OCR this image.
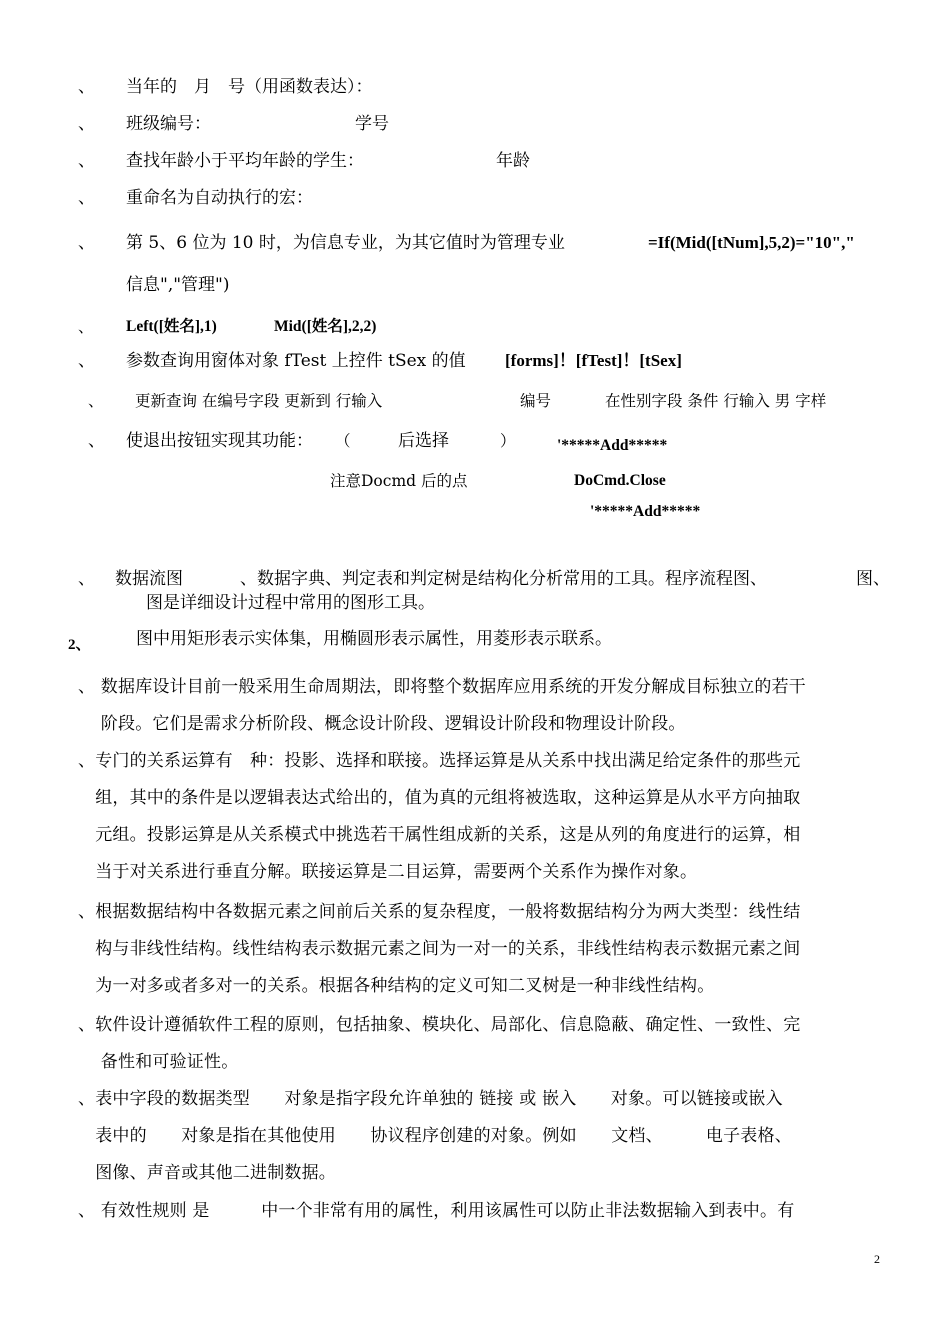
、 当年的　月　号（用函数表达）：
、 班级编号：	学号
、 查找年龄小于平均年龄的学生：	年龄
、 重命名为自动执行的宏：
、 第 5、6 位为 10 时，为信息专业，为其它值时为管理专业	=If(Mid([tNum],5,2)="10","
信息","管理")
、 Left([姓名],1)	Mid([姓名],2,2)
、 参数查询用窗体对象 fTest 上控件 tSex 的值 [forms]！[fTest]！[tSex]
、 更新查询 在编号字段 更新到 行输入	编号	在性别字段 条件 行输入 男 字样
、 使退出按钮实现其功能： （	后选择	）	'*****Add*****
注意Docmd 后的点	DoCmd.Close
'*****Add*****
、 数据流图	、数据字典、判定表和判定树是结构化分析常用的工具。程序流程图、	图、
图是详细设计过程中常用的图形工具。
2、	图中用矩形表示实体集，用椭圆形表示属性，用菱形表示联系。
、 数据库设计目前一般采用生命周期法，即将整个数据库应用系统的开发分解成目标独立的若干
　 阶段。它们是需求分析阶段、概念设计阶段、逻辑设计阶段和物理设计阶段。
、专门的关系运算有　种：投影、选择和联接。选择运算是从关系中找出满足给定条件的那些元
　组，其中的条件是以逻辑表达式给出的，值为真的元组将被选取，这种运算是从水平方向抽取
　元组。投影运算是从关系模式中挑选若干属性组成新的关系，这是从列的角度进行的运算，相
　当于对关系进行垂直分解。联接运算是二目运算，需要两个关系作为操作对象。
、根据数据结构中各数据元素之间前后关系的复杂程度，一般将数据结构分为两大类型：线性结
　构与非线性结构。线性结构表示数据元素之间为一对一的关系，非线性结构表示数据元素之间
　为一对多或者多对一的关系。根据各种结构的定义可知二叉树是一种非线性结构。
、软件设计遵循软件工程的原则，包括抽象、模块化、局部化、信息隐蔽、确定性、一致性、完
　 备性和可验证性。
、表中字段的数据类型　　对象是指字段允许单独的 链接 或 嵌入　　对象。可以链接或嵌入
　表中的　　对象是指在其他使用　　协议程序创建的对象。例如　　文档、　　　电子表格、
　图像、声音或其他二进制数据。
、 有效性规则 是　　　中一个非常有用的属性，利用该属性可以防止非法数据输入到表中。有
2
